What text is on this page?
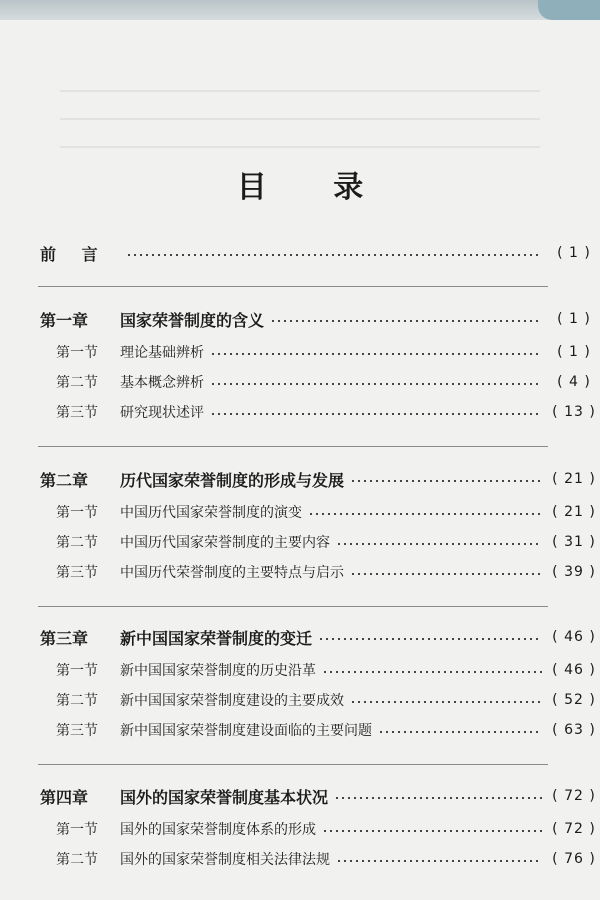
目 录
前 言	( 1 )
第一章	国家荣誉制度的含义	( 1 )
第一节	理论基础辨析	( 1 )
第二节	基本概念辨析	( 4 )
第三节	研究现状述评	( 13 )
第二章	历代国家荣誉制度的形成与发展	( 21 )
第一节	中国历代国家荣誉制度的演变	( 21 )
第二节	中国历代国家荣誉制度的主要内容	( 31 )
第三节	中国历代荣誉制度的主要特点与启示	( 39 )
第三章	新中国国家荣誉制度的变迁	( 46 )
第一节	新中国国家荣誉制度的历史沿革	( 46 )
第二节	新中国国家荣誉制度建设的主要成效	( 52 )
第三节	新中国国家荣誉制度建设面临的主要问题	( 63 )
第四章	国外的国家荣誉制度基本状况	( 72 )
第一节	国外的国家荣誉制度体系的形成	( 72 )
第二节	国外的国家荣誉制度相关法律法规	( 76 )
